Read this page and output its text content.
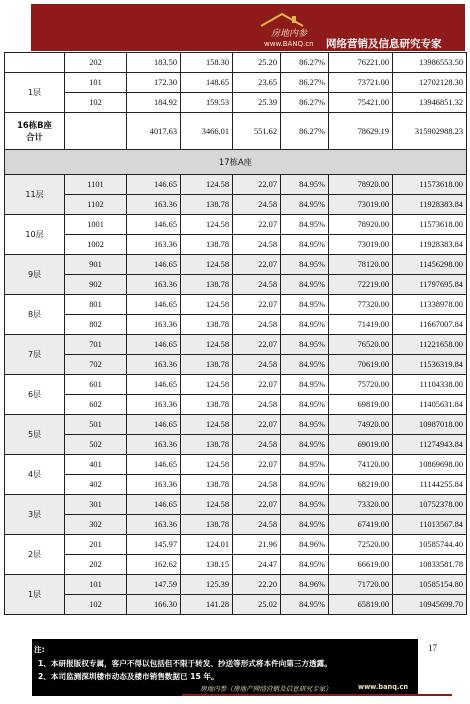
房地内参
www.BANQ.cn 网络营销及信息研究专家
	202	183.50	158.30	25.20	86.27%	76221.00	13986553.50
1层	101	172.30	148.65	23.65	86.27%	73721.00	12702128.30
	102	184.92	159.53	25.39	86.27%	75421.00	13946851.32

16栋B座
合计		4017.63	3466.01	551.62	86.27%	78629.19	315902988.23
17栋A座							
11层	1101	146.65	124.58	22.07	84.95%	78920.00	11573618.00
	1102	163.36	138.78	24.58	84.95%	73019.00	11928383.84
10层	1001	146.65	124.58	22.07	84.95%	78920.00	11573618.00
	1002	163.36	138.78	24.58	84.95%	73019.00	11928383.84
9层	901	146.65	124.58	22.07	84.95%	78120.00	11456298.00
	902	163.36	138.78	24.58	84.95%	72219.00	11797695.84
8层	801	146.65	124.58	22.07	84.95%	77320.00	11338978.00
	802	163.36	138.78	24.58	84.95%	71419.00	11667007.84
7层	701	146.65	124.58	22.07	84.95%	76520.00	11221658.00
	702	163.36	138.78	24.58	84.95%	70619.00	11536319.84
6层	601	146.65	124.58	22.07	84.95%	75720.00	11104338.00
	602	163.36	138.78	24.58	84.95%	69819.00	11405631.84
5层	501	146.65	124.58	22.07	84.95%	74920.00	10987018.00
	502	163.36	138.78	24.58	84.95%	69019.00	11274943.84
4层	401	146.65	124.58	22.07	84.95%	74120.00	10869698.00
	402	163.36	138.78	24.58	84.95%	68219.00	11144255.84
3层	301	146.65	124.58	22.07	84.95%	73320.00	10752378.00
	302	163.36	138.78	24.58	84.95%	67419.00	11013567.84
2层	201	145.97	124.01	21.96	84.96%	72520.00	10585744.40
	202	162.62	138.15	24.47	84.95%	66619.00	10833581.78
1层	101	147.59	125.39	22.20	84.96%	71720.00	10585154.80
	102	166.30	141.28	25.02	84.95%	65819.00	10945699.70
17

注:

1、本研报版权专属，客户不得以包括但不限于转发、抄送等形式将本件向第三方透露。

2、本司监测深圳楼市动态及楼市销售数据已 15 年。

房地内参（房地产网络营销及信息研究专家）	www.banq.cn
